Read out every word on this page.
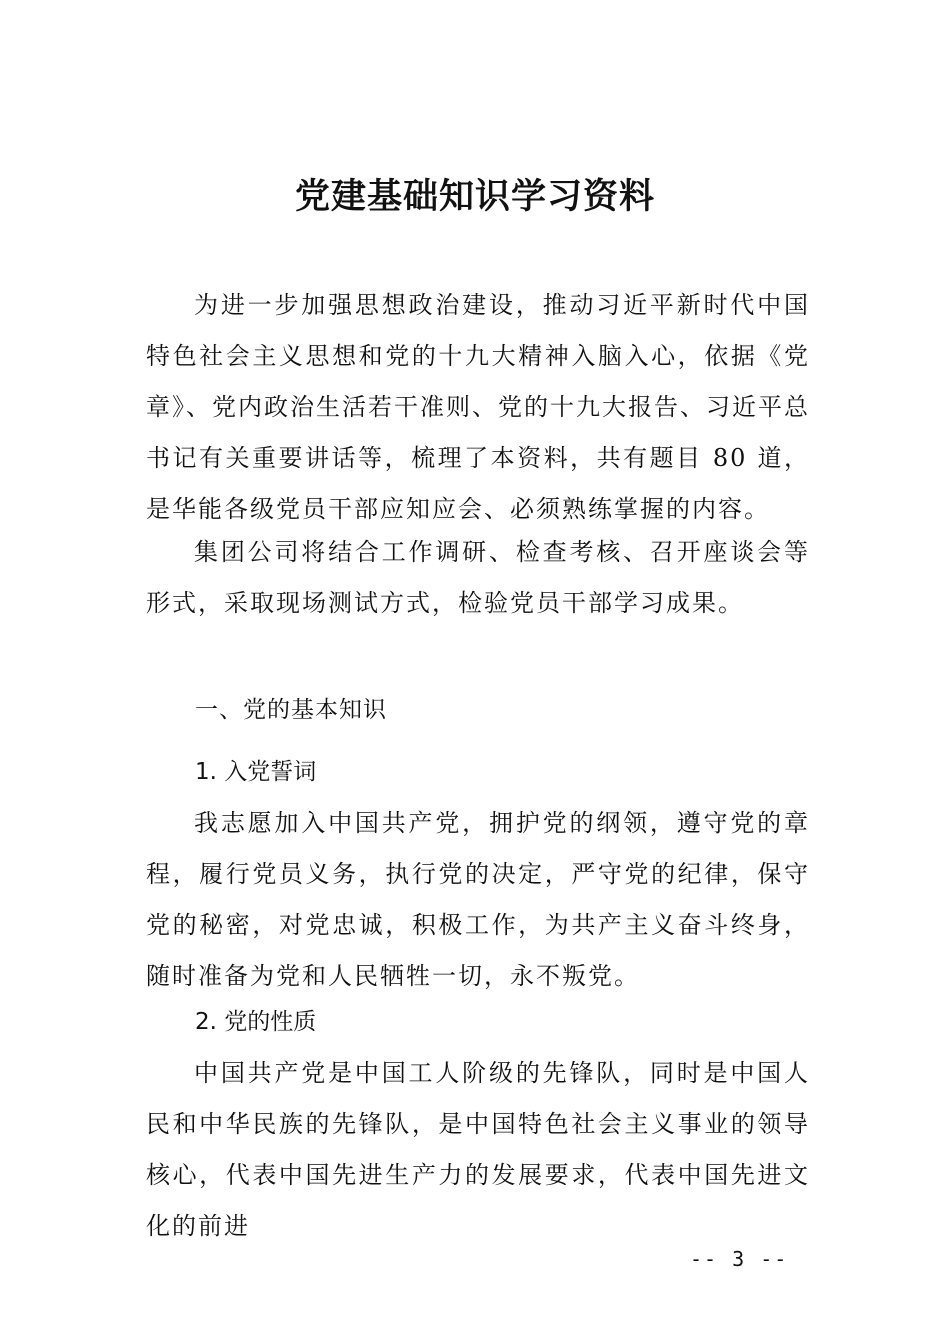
党建基础知识学习资料

为进一步加强思想政治建设，推动习近平新时代中国特色社会主义思想和党的十九大精神入脑入心，依据《党章》、党内政治生活若干准则、党的十九大报告、习近平总书记有关重要讲话等，梳理了本资料，共有题目 80 道，是华能各级党员干部应知应会、必须熟练掌握的内容。

集团公司将结合工作调研、检查考核、召开座谈会等形式，采取现场测试方式，检验党员干部学习成果。

一、党的基本知识
1. 入党誓词

我志愿加入中国共产党，拥护党的纲领，遵守党的章程，履行党员义务，执行党的决定，严守党的纪律，保守党的秘密，对党忠诚，积极工作，为共产主义奋斗终身，随时准备为党和人民牺牲一切，永不叛党。

2. 党的性质

中国共产党是中国工人阶级的先锋队，同时是中国人民和中华民族的先锋队，是中国特色社会主义事业的领导核心，代表中国先进生产力的发展要求，代表中国先进文化的前进

-- 3 --
